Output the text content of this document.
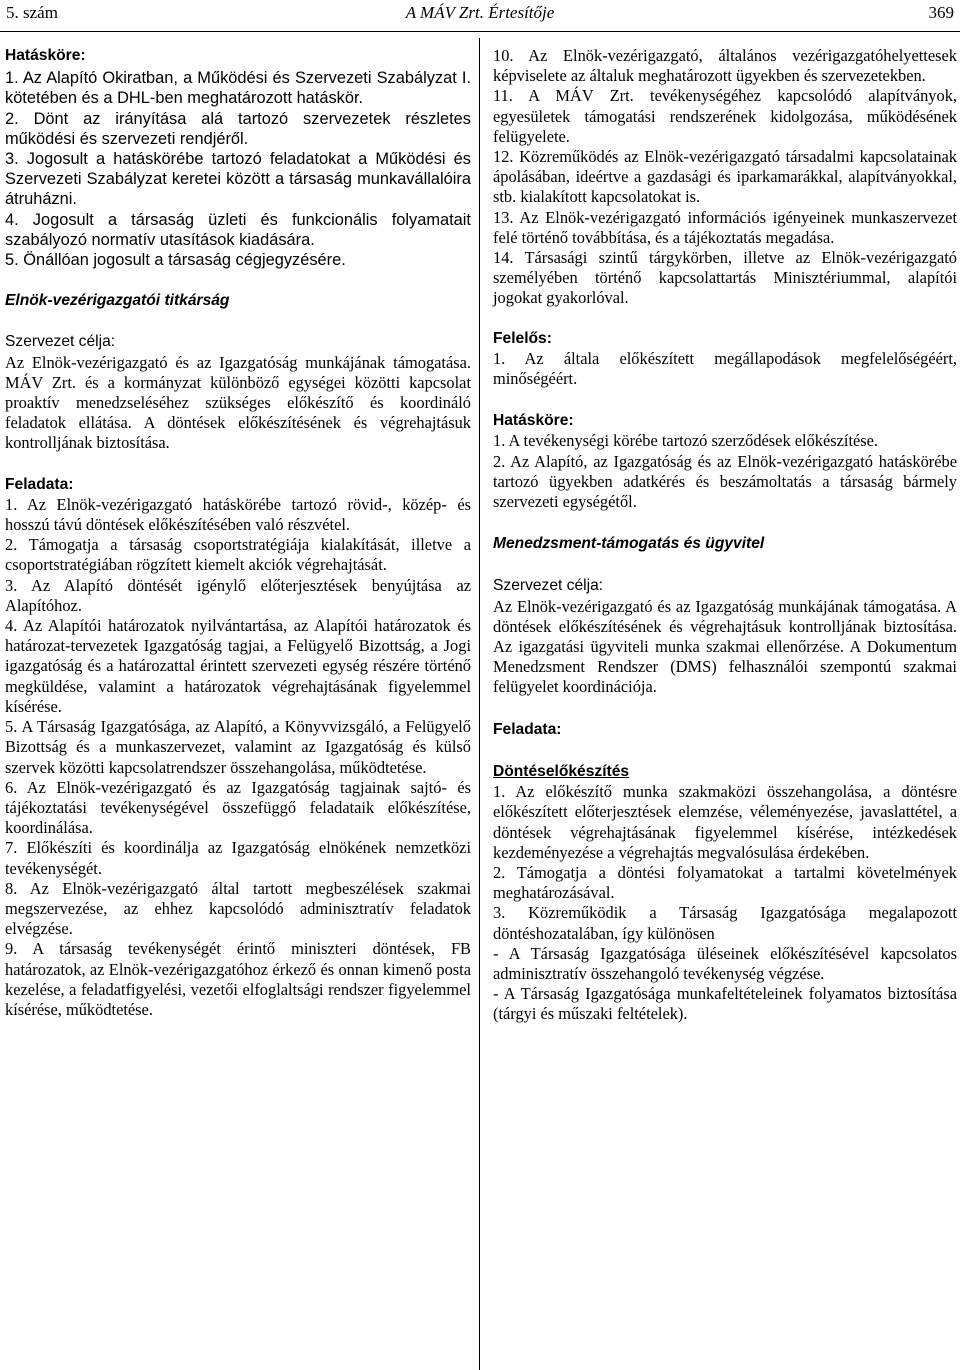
5. szám	A MÁV Zrt. Értesítője	369

Hatásköre:

1. Az Alapító Okiratban, a Működési és Szervezeti Szabályzat I. kötetében és a DHL-ben meghatározott hatáskör.

2. Dönt az irányítása alá tartozó szervezetek részletes működési és szervezeti rendjéről.

3. Jogosult a hatáskörébe tartozó feladatokat a Működési és Szervezeti Szabályzat keretei között a társaság munkavállalóira átruházni.

4. Jogosult a társaság üzleti és funkcionális folyamatait szabályozó normatív utasítások kiadására.

5. Önállóan jogosult a társaság cégjegyzésére.

Elnök-vezérigazgatói titkárság

Szervezet célja:

Az Elnök-vezérigazgató és az Igazgatóság munkájának támogatása. MÁV Zrt. és a kormányzat különböző egységei közötti kapcsolat proaktív menedzseléséhez szükséges előkészítő és koordináló feladatok ellátása. A döntések előkészítésének és végrehajtásuk kontrolljának biztosítása.

Feladata:

1. Az Elnök-vezérigazgató hatáskörébe tartozó rövid-, közép- és hosszú távú döntések előkészítésében való részvétel.

2. Támogatja a társaság csoportstratégiája kialakítását, illetve a csoportstratégiában rögzített kiemelt akciók végrehajtását.

3. Az Alapító döntését igénylő előterjesztések benyújtása az Alapítóhoz.

4. Az Alapítói határozatok nyilvántartása, az Alapítói határozatok és határozat-tervezetek Igazgatóság tagjai, a Felügyelő Bizottság, a Jogi igazgatóság és a határozattal érintett szervezeti egység részére történő megküldése, valamint a határozatok végrehajtásának figyelemmel kísérése.

5. A Társaság Igazgatósága, az Alapító, a Könyvvizsgáló, a Felügyelő Bizottság és a munkaszervezet, valamint az Igazgatóság és külső szervek közötti kapcsolatrendszer összehangolása, működtetése.

6. Az Elnök-vezérigazgató és az Igazgatóság tagjainak sajtó- és tájékoztatási tevékenységével összefüggő feladataik előkészítése, koordinálása.

7. Előkészíti és koordinálja az Igazgatóság elnökének nemzetközi tevékenységét.

8. Az Elnök-vezérigazgató által tartott megbeszélések szakmai megszervezése, az ehhez kapcsolódó adminisztratív feladatok elvégzése.

9. A társaság tevékenységét érintő miniszteri döntések, FB határozatok, az Elnök-vezérigazgatóhoz érkező és onnan kimenő posta kezelése, a feladatfigyelési, vezetői elfoglaltsági rendszer figyelemmel kísérése, működtetése.

10. Az Elnök-vezérigazgató, általános vezérigazgatóhelyettesek képviselete az általuk meghatározott ügyekben és szervezetekben.

11. A MÁV Zrt. tevékenységéhez kapcsolódó alapítványok, egyesületek támogatási rendszerének kidolgozása, működésének felügyelete.

12. Közreműködés az Elnök-vezérigazgató társadalmi kapcsolatainak ápolásában, ideértve a gazdasági és iparkamarákkal, alapítványokkal, stb. kialakított kapcsolatokat is.

13. Az Elnök-vezérigazgató információs igényeinek munkaszervezet felé történő továbbítása, és a tájékoztatás megadása.

14. Társasági szintű tárgykörben, illetve az Elnök-vezérigazgató személyében történő kapcsolattartás Minisztériummal, alapítói jogokat gyakorlóval.

Felelős:

1. Az általa előkészített megállapodások megfelelőségéért, minőségéért.

Hatásköre:

1. A tevékenységi körébe tartozó szerződések előkészítése.

2. Az Alapító, az Igazgatóság és az Elnök-vezérigazgató hatáskörébe tartozó ügyekben adatkérés és beszámoltatás a társaság bármely szervezeti egységétől.

Menedzsment-támogatás és ügyvitel

Szervezet célja:

Az Elnök-vezérigazgató és az Igazgatóság munkájának támogatása. A döntések előkészítésének és végrehajtásuk kontrolljának biztosítása. Az igazgatási ügyviteli munka szakmai ellenőrzése. A Dokumentum Menedzsment Rendszer (DMS) felhasználói szempontú szakmai felügyelet koordinációja.

Feladata:

Döntéselőkészítés

1. Az előkészítő munka szakmaközi összehangolása, a döntésre előkészített előterjesztések elemzése, véleményezése, javaslattétel, a döntések végrehajtásának figyelemmel kísérése, intézkedések kezdeményezése a végrehajtás megvalósulása érdekében.

2. Támogatja a döntési folyamatokat a tartalmi követelmények meghatározásával.

3. Közreműködik a Társaság Igazgatósága megalapozott döntéshozatalában, így különösen

- A Társaság Igazgatósága üléseinek előkészítésével kapcsolatos adminisztratív összehangoló tevékenység végzése.

- A Társaság Igazgatósága munkafeltételeinek folyamatos biztosítása (tárgyi és műszaki feltételek).
